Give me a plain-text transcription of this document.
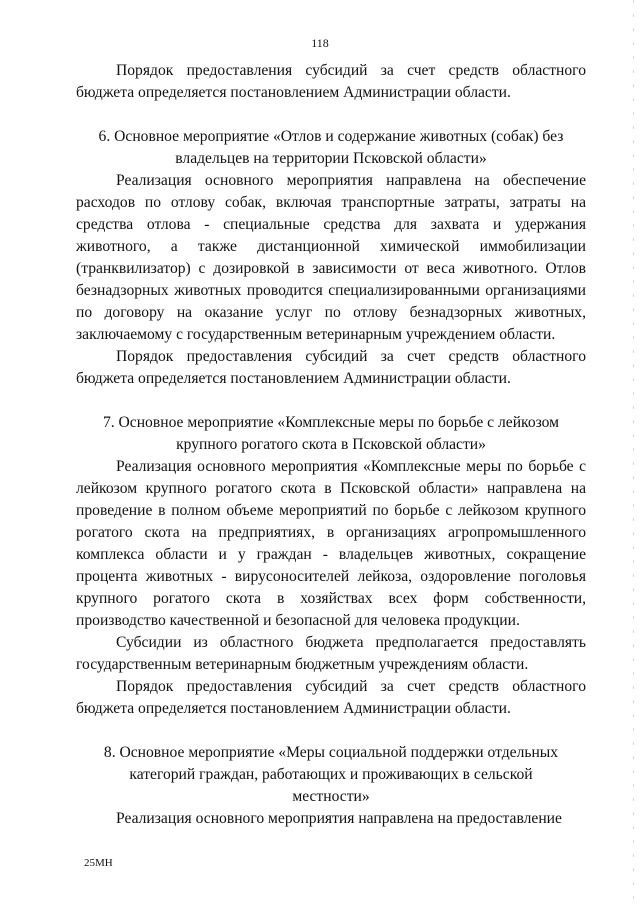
118

Порядок предоставления субсидий за счет средств областного бюджета определяется постановлением Администрации области.

6. Основное мероприятие «Отлов и содержание животных (собак) без владельцев на территории Псковской области»

Реализация основного мероприятия направлена на обеспечение расходов по отлову собак, включая транспортные затраты, затраты на средства отлова - специальные средства для захвата и удержания животного, а также дистанционной химической иммобилизации (транквилизатор) с дозировкой в зависимости от веса животного. Отлов безнадзорных животных проводится специализированными организациями по договору на оказание услуг по отлову безнадзорных животных, заключаемому с государственным ветеринарным учреждением области.

Порядок предоставления субсидий за счет средств областного бюджета определяется постановлением Администрации области.

7. Основное мероприятие «Комплексные меры по борьбе с лейкозом крупного рогатого скота в Псковской области»

Реализация основного мероприятия «Комплексные меры по борьбе с лейкозом крупного рогатого скота в Псковской области» направлена на проведение в полном объеме мероприятий по борьбе с лейкозом крупного рогатого скота на предприятиях, в организациях агропромышленного комплекса области и у граждан - владельцев животных, сокращение процента животных - вирусоносителей лейкоза, оздоровление поголовья крупного рогатого скота в хозяйствах всех форм собственности, производство качественной и безопасной для человека продукции.

Субсидии из областного бюджета предполагается предоставлять государственным ветеринарным бюджетным учреждениям области.

Порядок предоставления субсидий за счет средств областного бюджета определяется постановлением Администрации области.

8. Основное мероприятие «Меры социальной поддержки отдельных категорий граждан, работающих и проживающих в сельской местности»

Реализация основного мероприятия направлена на предоставление

25МН
